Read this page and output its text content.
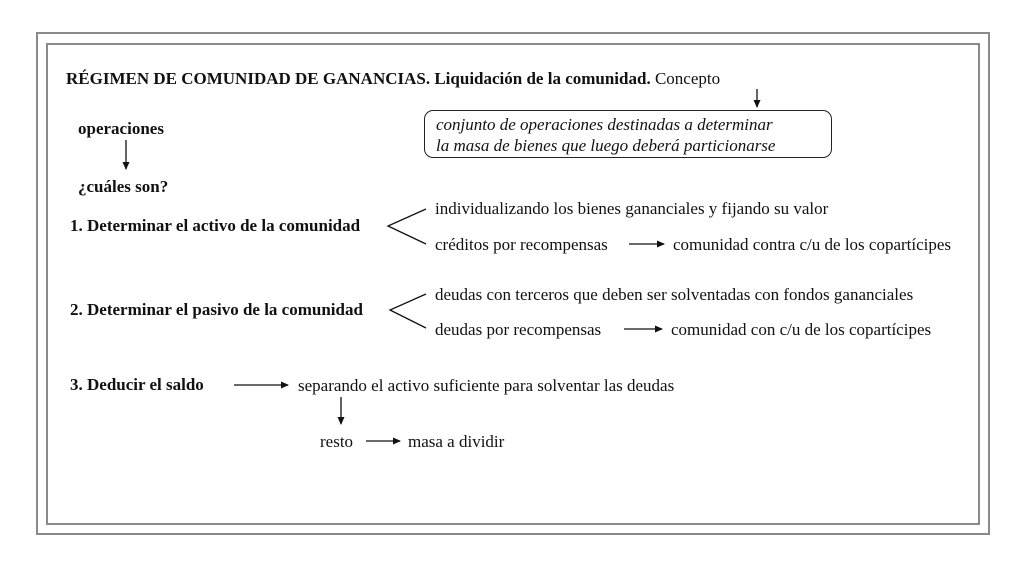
RÉGIMEN DE COMUNIDAD DE GANANCIAS. Liquidación de la comunidad. Concepto
conjunto de operaciones destinadas a determinar
la masa de bienes que luego deberá particionarse
operaciones
¿cuáles son?
1. Determinar el activo de la comunidad
individualizando los bienes gananciales y fijando su valor
créditos por recompensas	comunidad contra c/u de los copartícipes
2. Determinar el pasivo de la comunidad
deudas con terceros que deben ser solventadas con fondos gananciales
deudas por recompensas	comunidad con c/u de los copartícipes
3. Deducir el saldo	separando el activo suficiente para solventar las deudas
resto	masa a dividir
